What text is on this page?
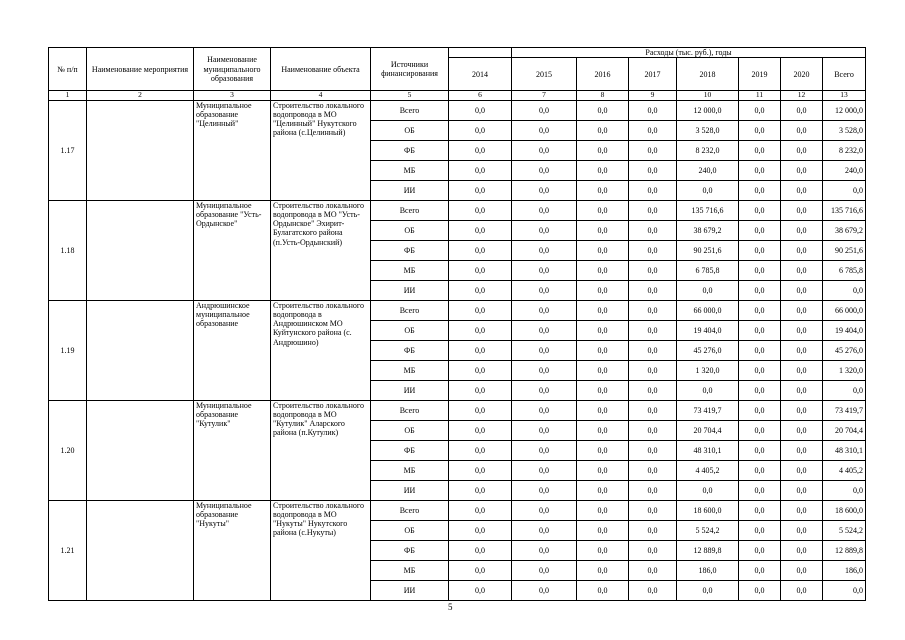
№ п/п	Наименование мероприятия	Наименование муниципального образования	Наименование объекта	Источники финансирования		Расходы (тыс. руб.), годы						
					2014	2015	2016	2017	2018	2019	2020	Всего
1	2	3	4	5	6	7	8	9	10	11	12	13
1.17		Муниципальное образование "Целинный"	Строительство локального водопровода в МО "Целинный" Нукутского района (с.Целинный)	Всего	0,0	0,0	0,0	0,0	12 000,0	0,0	0,0	12 000,0
				ОБ	0,0	0,0	0,0	0,0	3 528,0	0,0	0,0	3 528,0
				ФБ	0,0	0,0	0,0	0,0	8 232,0	0,0	0,0	8 232,0
				МБ	0,0	0,0	0,0	0,0	240,0	0,0	0,0	240,0
				ИИ	0,0	0,0	0,0	0,0	0,0	0,0	0,0	0,0
1.18		Муниципальное образование "Усть-Ордынское"	Строительство локального водопровода в МО "Усть-Ордынское" Эхирит-Булагатского района (п.Усть-Ордынский)	Всего	0,0	0,0	0,0	0,0	135 716,6	0,0	0,0	135 716,6
				ОБ	0,0	0,0	0,0	0,0	38 679,2	0,0	0,0	38 679,2
				ФБ	0,0	0,0	0,0	0,0	90 251,6	0,0	0,0	90 251,6
				МБ	0,0	0,0	0,0	0,0	6 785,8	0,0	0,0	6 785,8
				ИИ	0,0	0,0	0,0	0,0	0,0	0,0	0,0	0,0
1.19		Андрюшинское муниципальное образование	Строительство локального водопровода в Андрюшинском МО Куйтунского района (с. Андрюшино)	Всего	0,0	0,0	0,0	0,0	66 000,0	0,0	0,0	66 000,0
				ОБ	0,0	0,0	0,0	0,0	19 404,0	0,0	0,0	19 404,0
				ФБ	0,0	0,0	0,0	0,0	45 276,0	0,0	0,0	45 276,0
				МБ	0,0	0,0	0,0	0,0	1 320,0	0,0	0,0	1 320,0
				ИИ	0,0	0,0	0,0	0,0	0,0	0,0	0,0	0,0
1.20		Муниципальное образование "Кутулик"	Строительство локального водопровода в МО "Кутулик" Аларского района (п.Кутулик)	Всего	0,0	0,0	0,0	0,0	73 419,7	0,0	0,0	73 419,7
				ОБ	0,0	0,0	0,0	0,0	20 704,4	0,0	0,0	20 704,4
				ФБ	0,0	0,0	0,0	0,0	48 310,1	0,0	0,0	48 310,1
				МБ	0,0	0,0	0,0	0,0	4 405,2	0,0	0,0	4 405,2
				ИИ	0,0	0,0	0,0	0,0	0,0	0,0	0,0	0,0
1.21		Муниципальное образование "Нукуты"	Строительство локального водопровода в МО "Нукуты" Нукутского района (с.Нукуты)	Всего	0,0	0,0	0,0	0,0	18 600,0	0,0	0,0	18 600,0
				ОБ	0,0	0,0	0,0	0,0	5 524,2	0,0	0,0	5 524,2
				ФБ	0,0	0,0	0,0	0,0	12 889,8	0,0	0,0	12 889,8
				МБ	0,0	0,0	0,0	0,0	186,0	0,0	0,0	186,0
				ИИ	0,0	0,0	0,0	0,0	0,0	0,0	0,0	0,0
5
